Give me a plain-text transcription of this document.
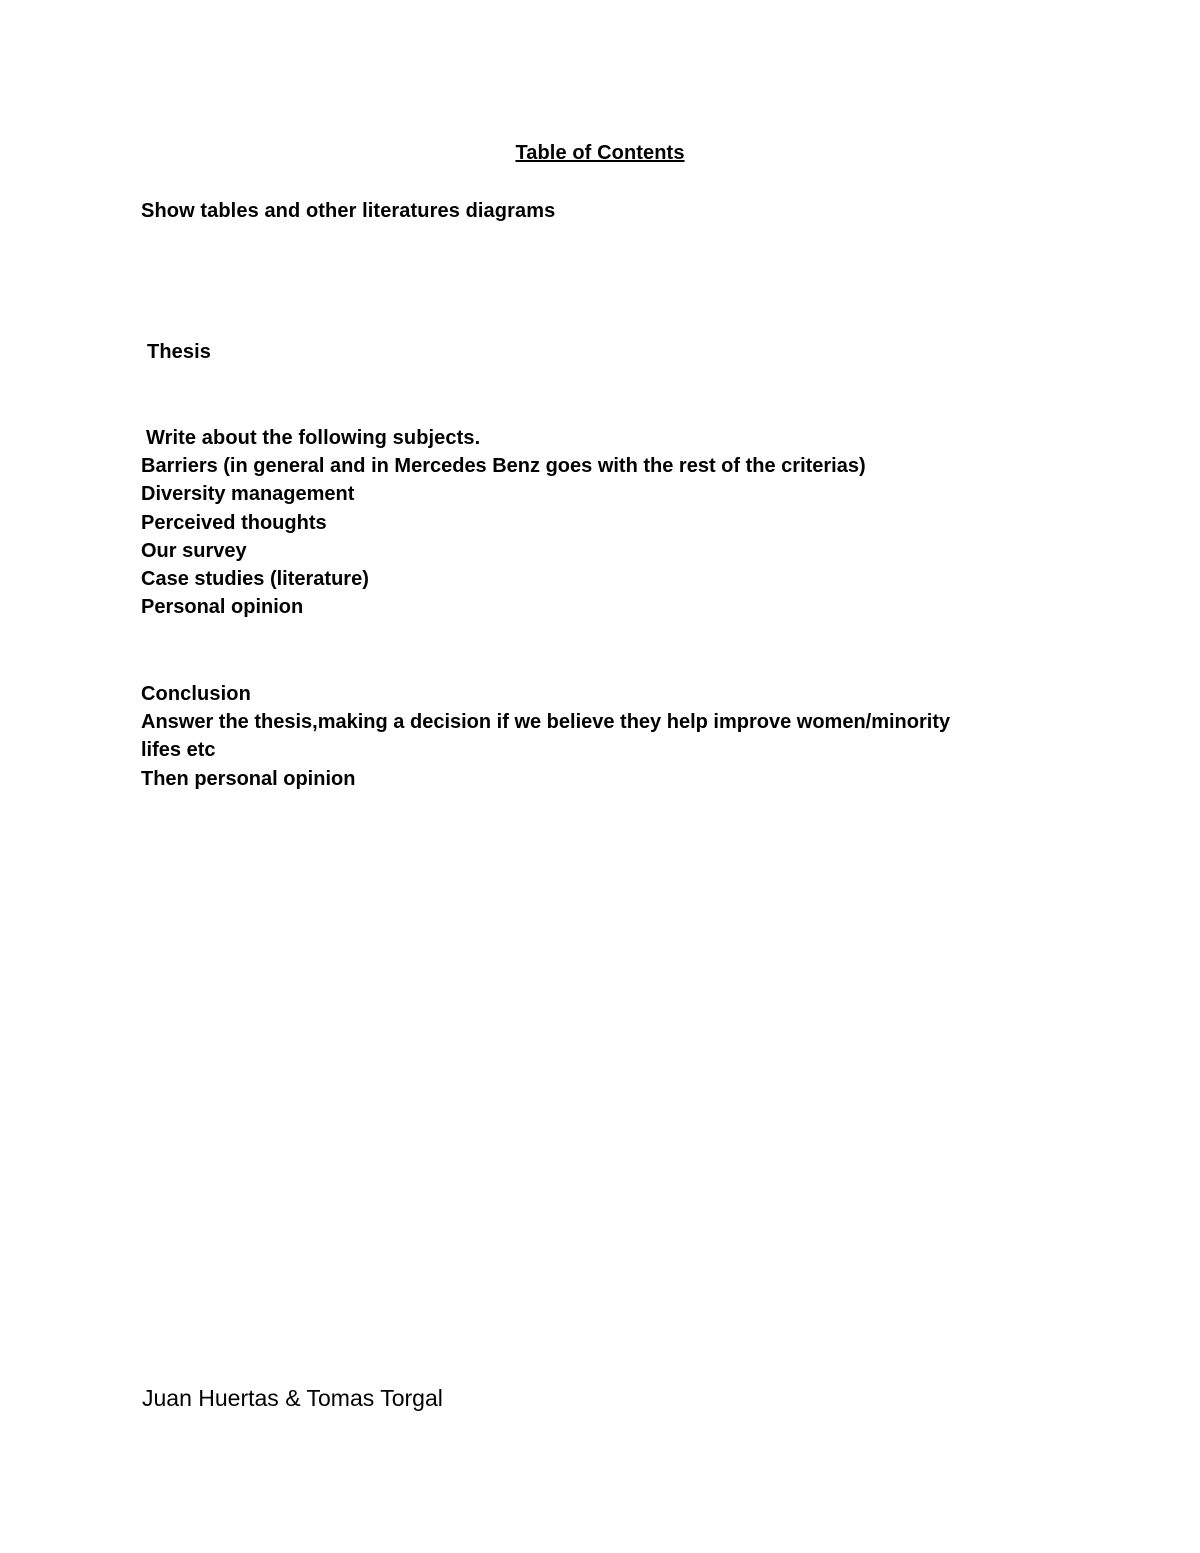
Table of Contents

Show tables and other literatures diagrams

Thesis

Write about the following subjects.

Barriers (in general and in Mercedes Benz goes with the rest of the criterias)
Diversity management
Perceived thoughts
Our survey
Case studies (literature)
Personal opinion

Conclusion

Answer the thesis,making a decision if we believe they help improve women/minority
lifes etc
Then personal opinion

Juan Huertas & Tomas Torgal
